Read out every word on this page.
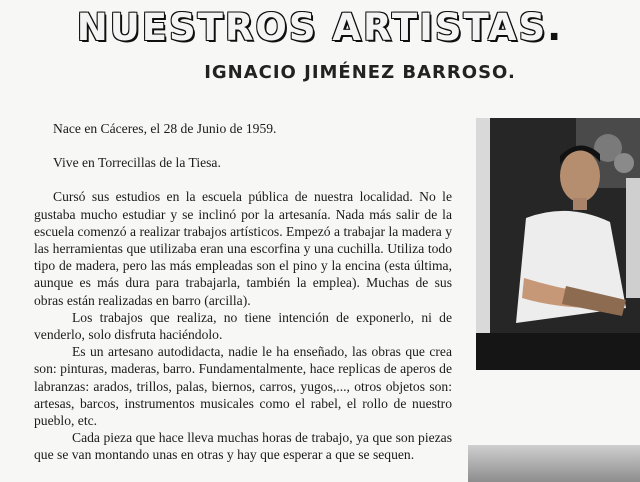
NUESTROS ARTISTAS.
IGNACIO JIMÉNEZ BARROSO.

Nace en Cáceres, el 28 de Junio de 1959.

Vive en Torrecillas de la Tiesa.

Cursó sus estudios en la escuela pública de nuestra localidad. No le gustaba mucho estudiar y se inclinó por la artesanía. Nada más salir de la escuela comenzó a realizar trabajos artísticos. Empezó a trabajar la madera y las herramientas que utilizaba eran una escorfina y una cuchilla. Utiliza todo tipo de madera, pero las más empleadas son el pino y la encina (esta última, aunque es más dura para trabajarla, también la emplea). Muchas de sus obras están realizadas en barro (arcilla).

Los trabajos que realiza, no tiene intención de exponerlo, ni de venderlo, solo disfruta haciéndolo.

Es un artesano autodidacta, nadie le ha enseñado, las obras que crea son: pinturas, maderas, barro. Fundamentalmente, hace replicas de aperos de labranzas: arados, trillos, palas, biernos, carros, yugos,..., otros objetos son: artesas, barcos, instrumentos musicales como el rabel, el rollo de nuestro pueblo, etc.

Cada pieza que hace lleva muchas horas de trabajo, ya que son piezas que se van montando unas en otras y hay que esperar a que se sequen.
